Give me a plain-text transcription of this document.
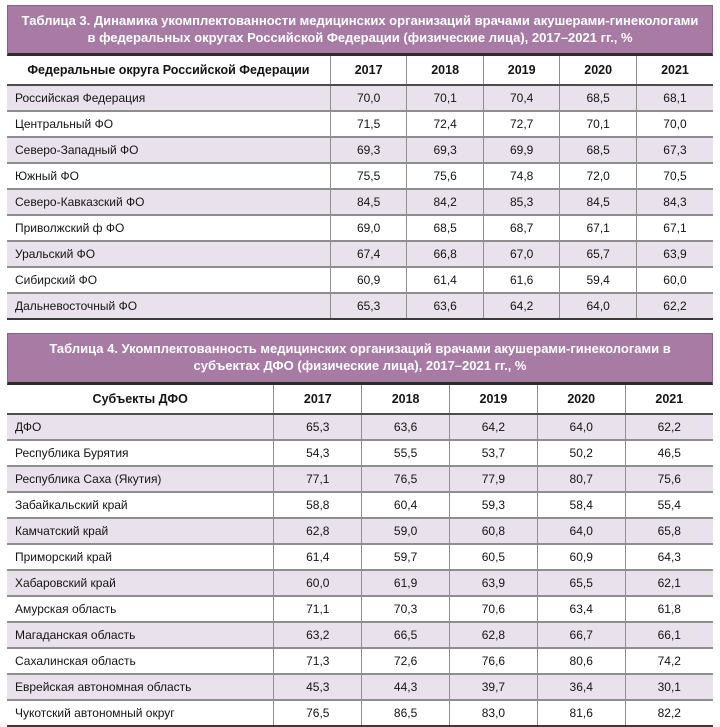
Таблица 3. Динамика укомплектованности медицинских организаций врачами акушерами-гинекологами в федеральных округах Российской Федерации (физические лица), 2017–2021 гг., %
Федеральные округа Российской Федерации	2017	2018	2019	2020	2021
Российская Федерация	70,0	70,1	70,4	68,5	68,1
Центральный ФО	71,5	72,4	72,7	70,1	70,0
Северо-Западный ФО	69,3	69,3	69,9	68,5	67,3
Южный ФО	75,5	75,6	74,8	72,0	70,5
Северо-Кавказский ФО	84,5	84,2	85,3	84,5	84,3
Приволжский ф ФО	69,0	68,5	68,7	67,1	67,1
Уральский ФО	67,4	66,8	67,0	65,7	63,9
Сибирский ФО	60,9	61,4	61,6	59,4	60,0
Дальневосточный ФО	65,3	63,6	64,2	64,0	62,2
Таблица 4. Укомплектованность медицинских организаций врачами акушерами-гинекологами в субъектах ДФО (физические лица), 2017–2021 гг., %
Субъекты ДФО	2017	2018	2019	2020	2021
ДФО	65,3	63,6	64,2	64,0	62,2
Республика Бурятия	54,3	55,5	53,7	50,2	46,5
Республика Саха (Якутия)	77,1	76,5	77,9	80,7	75,6
Забайкальский край	58,8	60,4	59,3	58,4	55,4
Камчатский край	62,8	59,0	60,8	64,0	65,8
Приморский край	61,4	59,7	60,5	60,9	64,3
Хабаровский край	60,0	61,9	63,9	65,5	62,1
Амурская область	71,1	70,3	70,6	63,4	61,8
Магаданская область	63,2	66,5	62,8	66,7	66,1
Сахалинская область	71,3	72,6	76,6	80,6	74,2
Еврейская автономная область	45,3	44,3	39,7	36,4	30,1
Чукотский автономный округ	76,5	86,5	83,0	81,6	82,2
